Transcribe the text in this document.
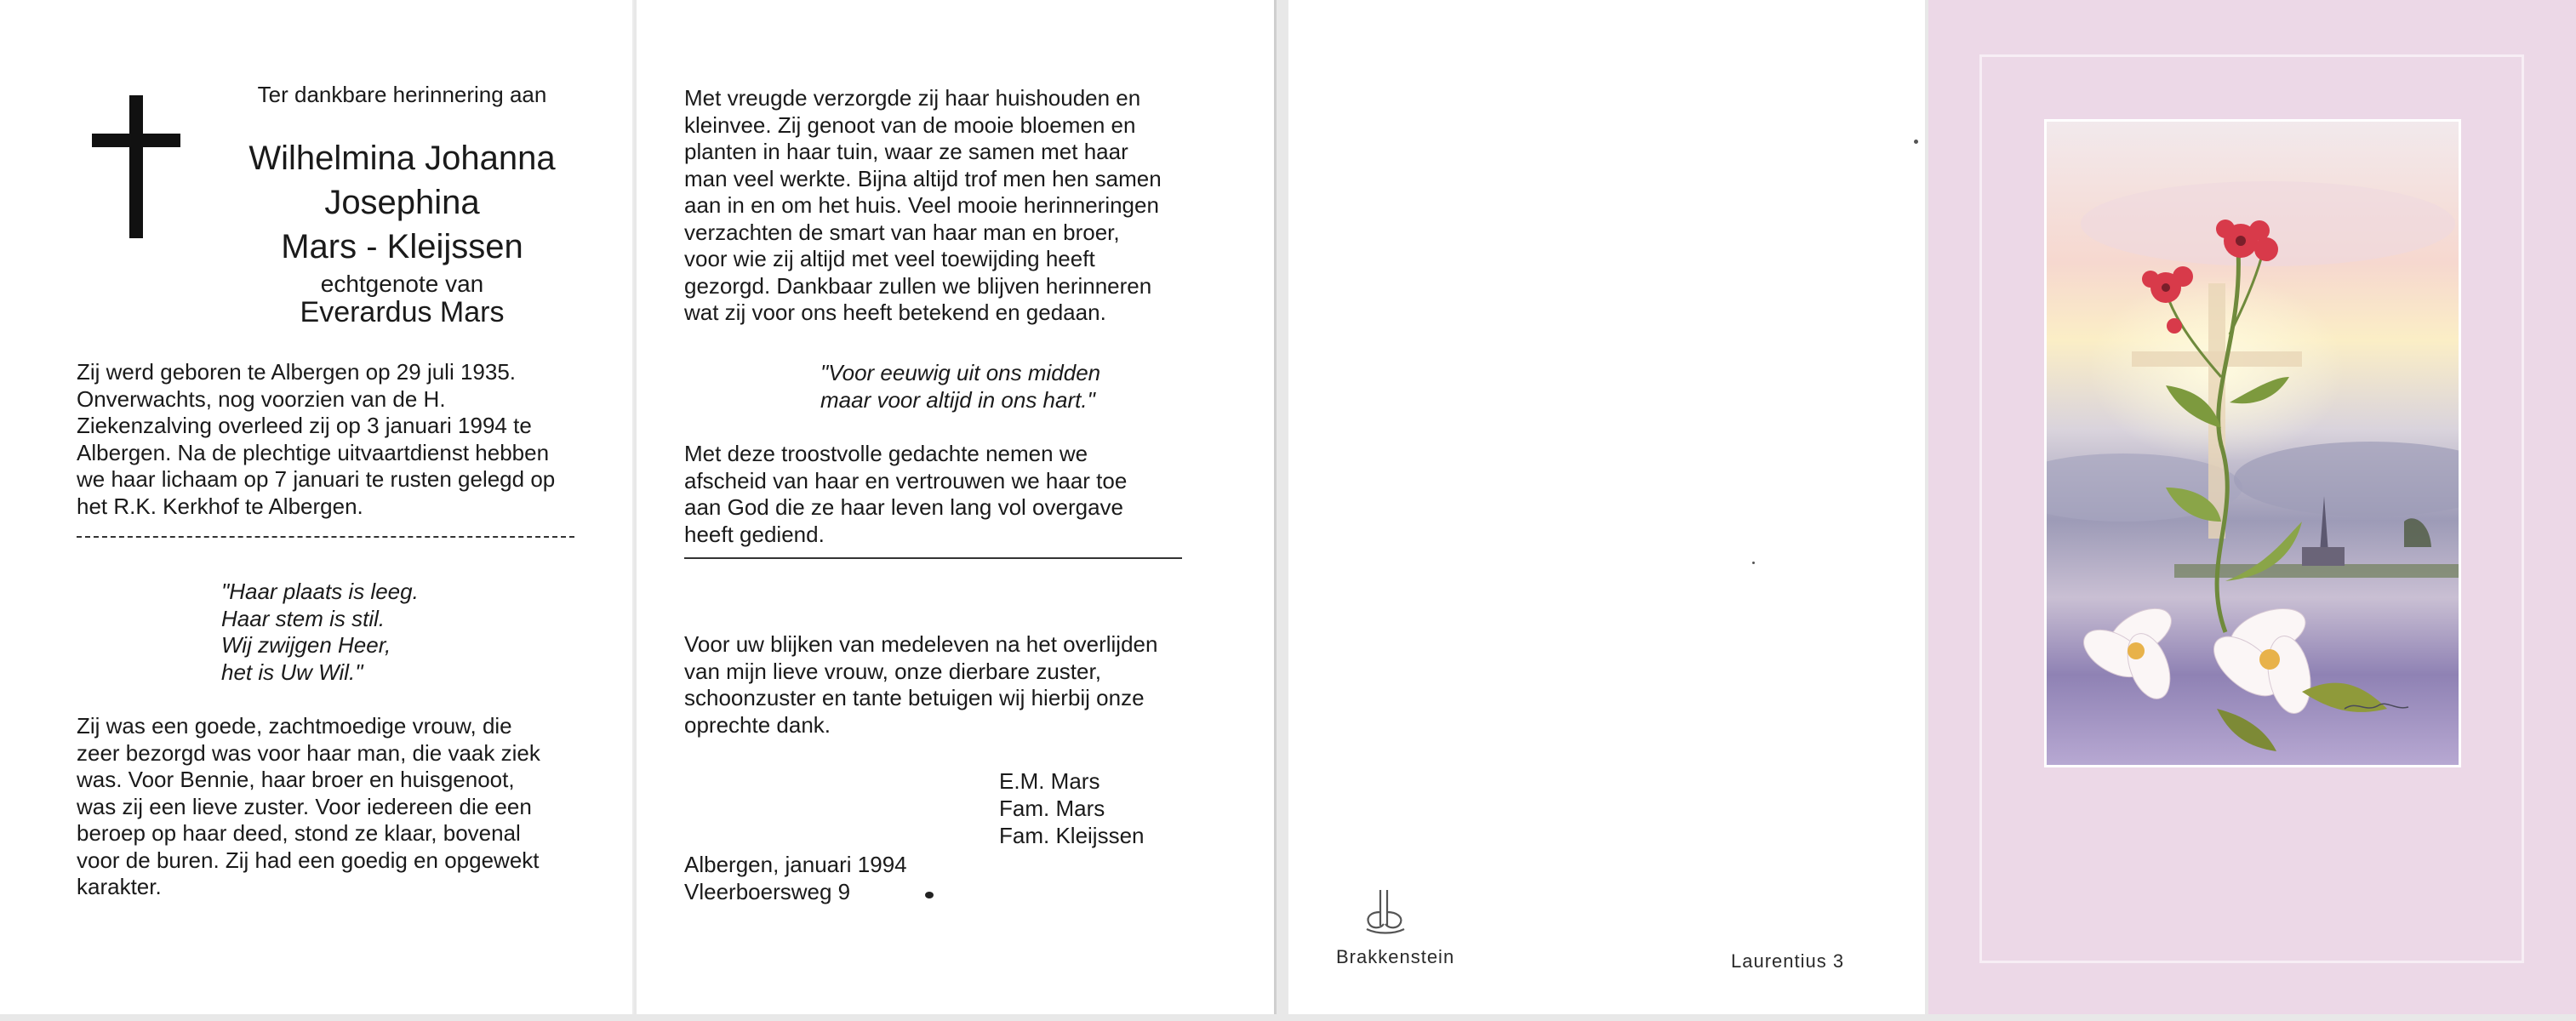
Ter dankbare herinnering aan
Wilhelmina Johanna
Josephina
Mars - Kleijssen
echtgenote van
Everardus Mars
Zij werd geboren te Albergen op 29 juli 1935.
Onverwachts, nog voorzien van de H.
Ziekenzalving overleed zij op 3 januari 1994 te
Albergen. Na de plechtige uitvaartdienst hebben
we haar lichaam op 7 januari te rusten gelegd op
het R.K. Kerkhof te Albergen.
"Haar plaats is leeg.
Haar stem is stil.
Wij zwijgen Heer,
het is Uw Wil."
Zij was een goede, zachtmoedige vrouw, die
zeer bezorgd was voor haar man, die vaak ziek
was. Voor Bennie, haar broer en huisgenoot,
was zij een lieve zuster. Voor iedereen die een
beroep op haar deed, stond ze klaar, bovenal
voor de buren. Zij had een goedig en opgewekt
karakter.
Met vreugde verzorgde zij haar huishouden en
kleinvee. Zij genoot van de mooie bloemen en
planten in haar tuin, waar ze samen met haar
man veel werkte. Bijna altijd trof men hen samen
aan in en om het huis. Veel mooie herinneringen
verzachten de smart van haar man en broer,
voor wie zij altijd met veel toewijding heeft
gezorgd. Dankbaar zullen we blijven herinneren
wat zij voor ons heeft betekend en gedaan.
"Voor eeuwig uit ons midden
maar voor altijd in ons hart."
Met deze troostvolle gedachte nemen we
afscheid van haar en vertrouwen we haar toe
aan God die ze haar leven lang vol overgave
heeft gediend.
Voor uw blijken van medeleven na het overlijden
van mijn lieve vrouw, onze dierbare zuster,
schoonzuster en tante betuigen wij hierbij onze
oprechte dank.
E.M. Mars
Fam. Mars
Fam. Kleijssen
Albergen, januari 1994
Vleerboersweg 9
Brakkenstein	Laurentius 3
